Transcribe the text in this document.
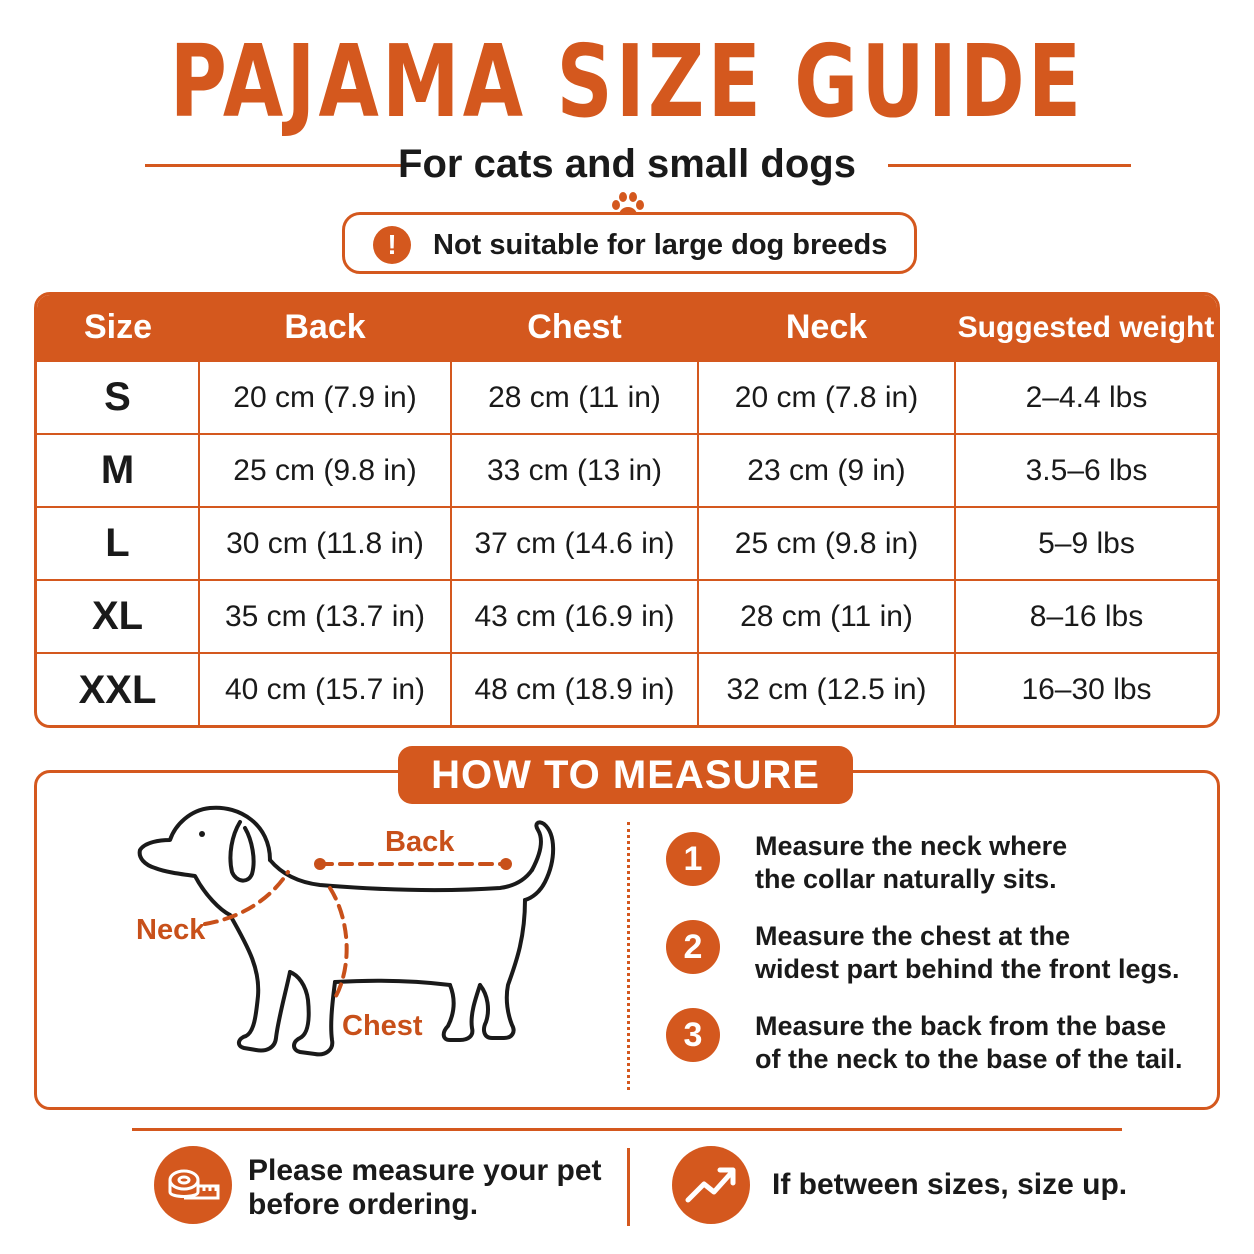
PAJAMA SIZE GUIDE
For cats and small dogs
!	Not suitable for large dog breeds
Size	Back	Chest	Neck	Suggested weight
S	20 cm (7.9 in)	28 cm (11 in)	20 cm (7.8 in)	2–4.4 lbs
M	25 cm (9.8 in)	33 cm (13 in)	23 cm (9 in)	3.5–6 lbs
L	30 cm (11.8 in)	37 cm (14.6 in)	25 cm (9.8 in)	5–9 lbs
XL	35 cm (13.7 in)	43 cm (16.9 in)	28 cm (11 in)	8–16 lbs
XXL	40 cm (15.7 in)	48 cm (18.9 in)	32 cm (12.5 in)	16–30 lbs
HOW TO MEASURE
Back
Neck
Chest
1	Measure the neck where
the collar naturally sits.
2	Measure the chest at the
widest part behind the front legs.
3	Measure the back from the base
of the neck to the base of the tail.
Please measure your pet
before ordering.
If between sizes, size up.
